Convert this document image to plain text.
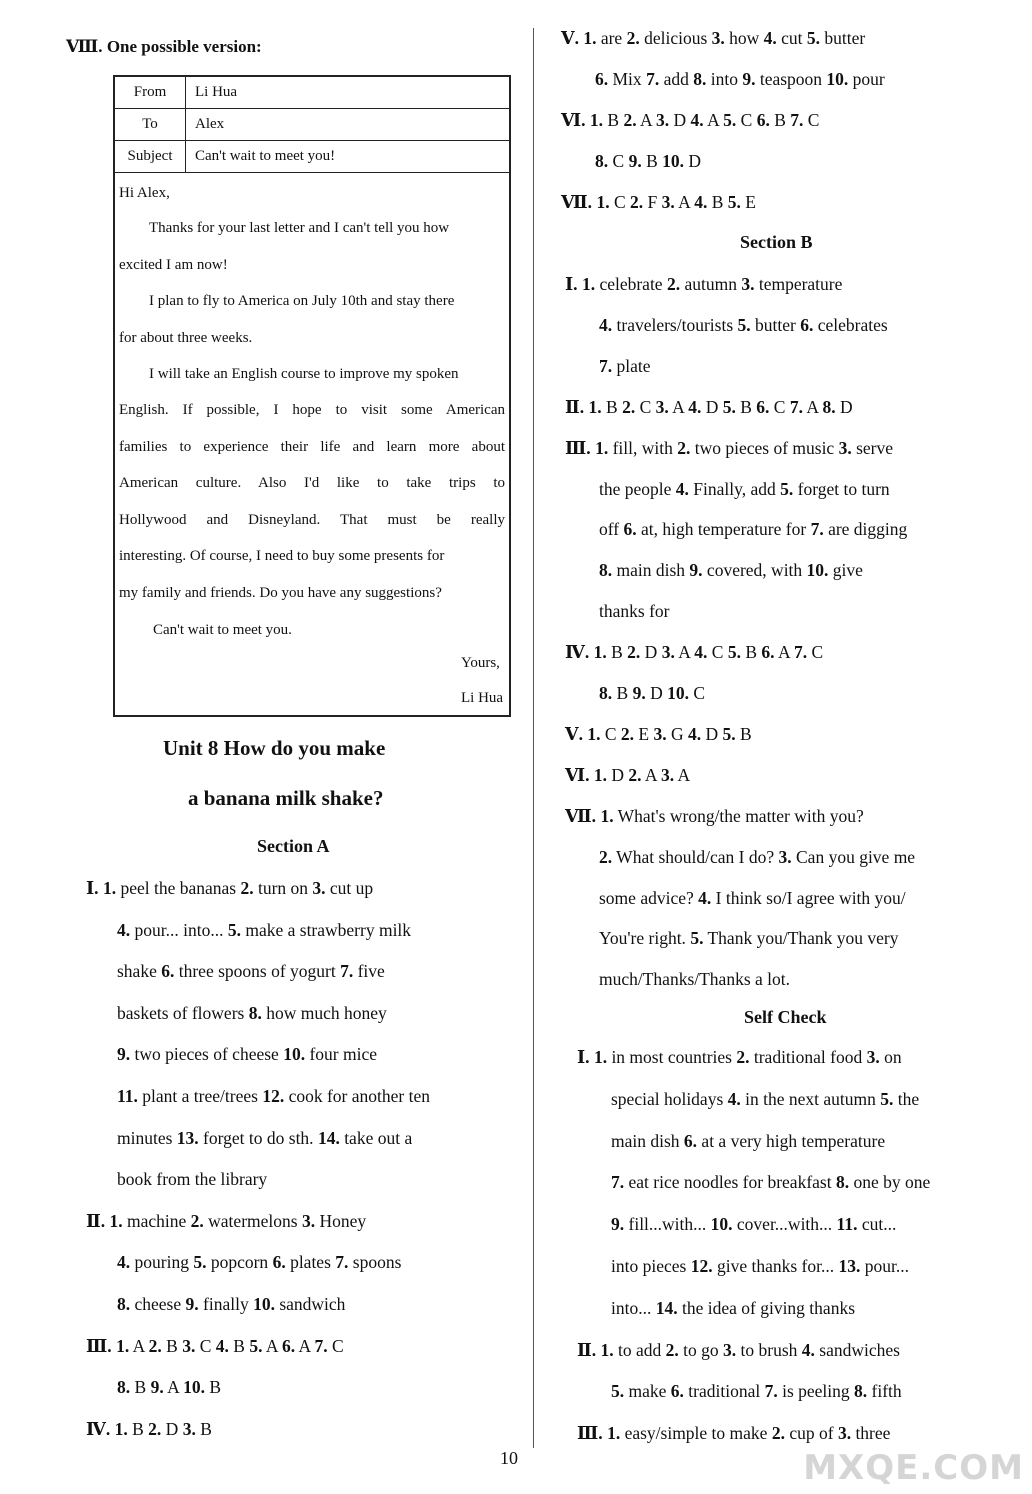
Ⅷ. One possible version:
From	Li Hua
To	Alex
Subject	Can't wait to meet you!
Hi Alex,
Thanks for your last letter and I can't tell you how
excited I am now!
I plan to fly to America on July 10th and stay there
for about three weeks.
I will take an English course to improve my spoken
English. If possible, I hope to visit some American
families to experience their life and learn more about
American culture. Also I'd like to take trips to
Hollywood and Disneyland. That must be really
interesting. Of course, I need to buy some presents for
my family and friends. Do you have any suggestions?
Can't wait to meet you.
Yours,
Li Hua
Unit 8 How do you make
a banana milk shake?
Section A
Ⅰ. 1. peel the bananas 2. turn on 3. cut up
4. pour... into... 5. make a strawberry milk
shake 6. three spoons of yogurt 7. five
baskets of flowers 8. how much honey
9. two pieces of cheese 10. four mice
11. plant a tree/trees 12. cook for another ten
minutes 13. forget to do sth. 14. take out a
book from the library
Ⅱ. 1. machine 2. watermelons 3. Honey
4. pouring 5. popcorn 6. plates 7. spoons
8. cheese 9. finally 10. sandwich
Ⅲ. 1. A 2. B 3. C 4. B 5. A 6. A 7. C
8. B 9. A 10. B
Ⅳ. 1. B 2. D 3. B
Ⅴ. 1. are 2. delicious 3. how 4. cut 5. butter
6. Mix 7. add 8. into 9. teaspoon 10. pour
Ⅵ. 1. B 2. A 3. D 4. A 5. C 6. B 7. C
8. C 9. B 10. D
Ⅶ. 1. C 2. F 3. A 4. B 5. E
Section B
Ⅰ. 1. celebrate 2. autumn 3. temperature
4. travelers/tourists 5. butter 6. celebrates
7. plate
Ⅱ. 1. B 2. C 3. A 4. D 5. B 6. C 7. A 8. D
Ⅲ. 1. fill, with 2. two pieces of music 3. serve
the people 4. Finally, add 5. forget to turn
off 6. at, high temperature for 7. are digging
8. main dish 9. covered, with 10. give
thanks for
Ⅳ. 1. B 2. D 3. A 4. C 5. B 6. A 7. C
8. B 9. D 10. C
Ⅴ. 1. C 2. E 3. G 4. D 5. B
Ⅵ. 1. D 2. A 3. A
Ⅶ. 1. What's wrong/the matter with you?
2. What should/can I do? 3. Can you give me
some advice? 4. I think so/I agree with you/
You're right. 5. Thank you/Thank you very
much/Thanks/Thanks a lot.
Self Check
Ⅰ. 1. in most countries 2. traditional food 3. on
special holidays 4. in the next autumn 5. the
main dish 6. at a very high temperature
7. eat rice noodles for breakfast 8. one by one
9. fill...with... 10. cover...with... 11. cut...
into pieces 12. give thanks for... 13. pour...
into... 14. the idea of giving thanks
Ⅱ. 1. to add 2. to go 3. to brush 4. sandwiches
5. make 6. traditional 7. is peeling 8. fifth
Ⅲ. 1. easy/simple to make 2. cup of 3. three
10	MXQE.COM
